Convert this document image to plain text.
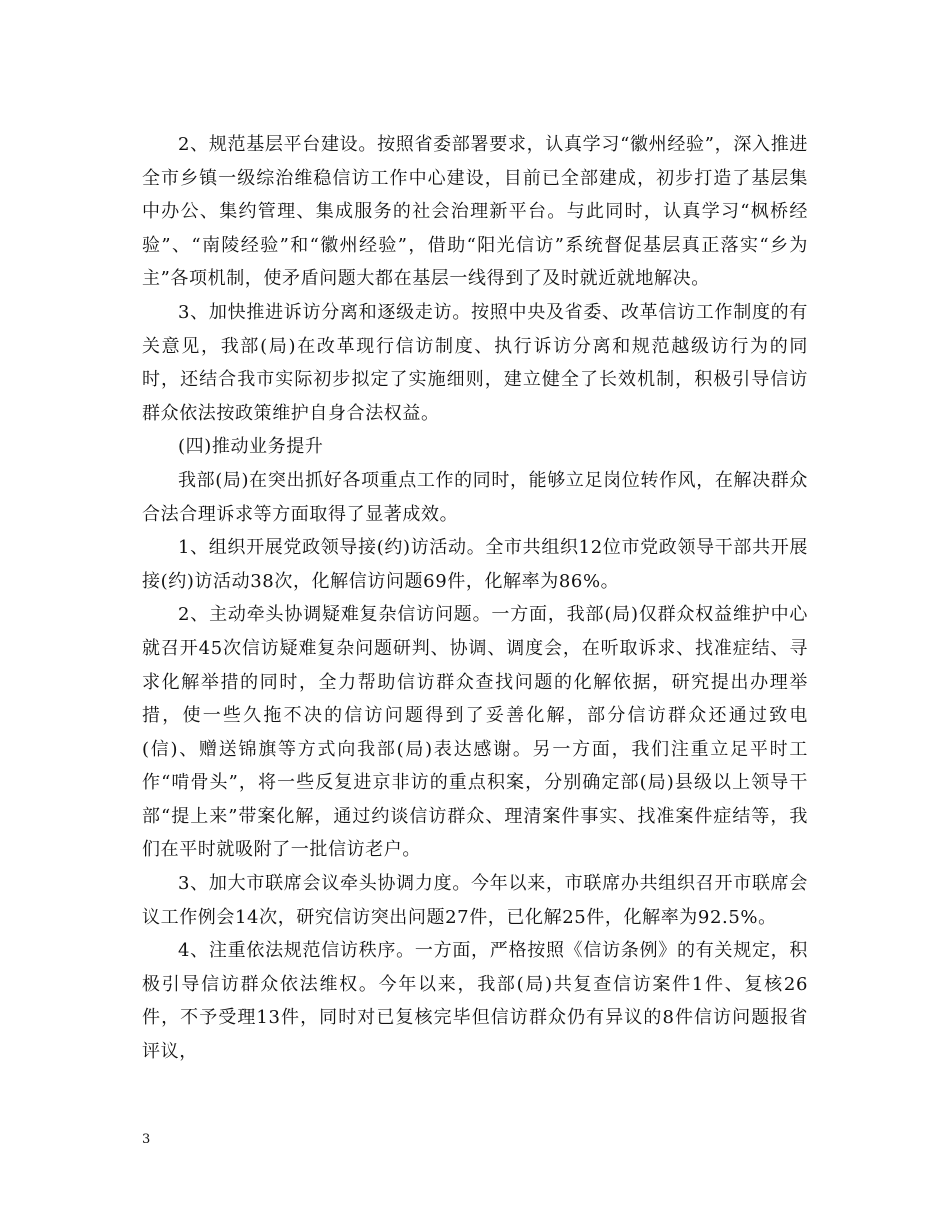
2、规范基层平台建设。按照省委部署要求，认真学习“徽州经验”，深入推进全市乡镇一级综治维稳信访工作中心建设，目前已全部建成，初步打造了基层集中办公、集约管理、集成服务的社会治理新平台。与此同时，认真学习“枫桥经验”、“南陵经验”和“徽州经验”，借助“阳光信访”系统督促基层真正落实“乡为主”各项机制，使矛盾问题大都在基层一线得到了及时就近就地解决。

3、加快推进诉访分离和逐级走访。按照中央及省委、改革信访工作制度的有关意见，我部(局)在改革现行信访制度、执行诉访分离和规范越级访行为的同时，还结合我市实际初步拟定了实施细则，建立健全了长效机制，积极引导信访群众依法按政策维护自身合法权益。

(四)推动业务提升

我部(局)在突出抓好各项重点工作的同时，能够立足岗位转作风，在解决群众合法合理诉求等方面取得了显著成效。

1、组织开展党政领导接(约)访活动。全市共组织12位市党政领导干部共开展接(约)访活动38次，化解信访问题69件，化解率为86%。

2、主动牵头协调疑难复杂信访问题。一方面，我部(局)仅群众权益维护中心就召开45次信访疑难复杂问题研判、协调、调度会，在听取诉求、找准症结、寻求化解举措的同时，全力帮助信访群众查找问题的化解依据，研究提出办理举措，使一些久拖不决的信访问题得到了妥善化解，部分信访群众还通过致电(信)、赠送锦旗等方式向我部(局)表达感谢。另一方面，我们注重立足平时工作“啃骨头”，将一些反复进京非访的重点积案，分别确定部(局)县级以上领导干部“提上来”带案化解，通过约谈信访群众、理清案件事实、找准案件症结等，我们在平时就吸附了一批信访老户。

3、加大市联席会议牵头协调力度。今年以来，市联席办共组织召开市联席会议工作例会14次，研究信访突出问题27件，已化解25件，化解率为92.5%。

4、注重依法规范信访秩序。一方面，严格按照《信访条例》的有关规定，积极引导信访群众依法维权。今年以来，我部(局)共复查信访案件1件、复核26 件，不予受理13件，同时对已复核完毕但信访群众仍有异议的8件信访问题报省评议，

3
